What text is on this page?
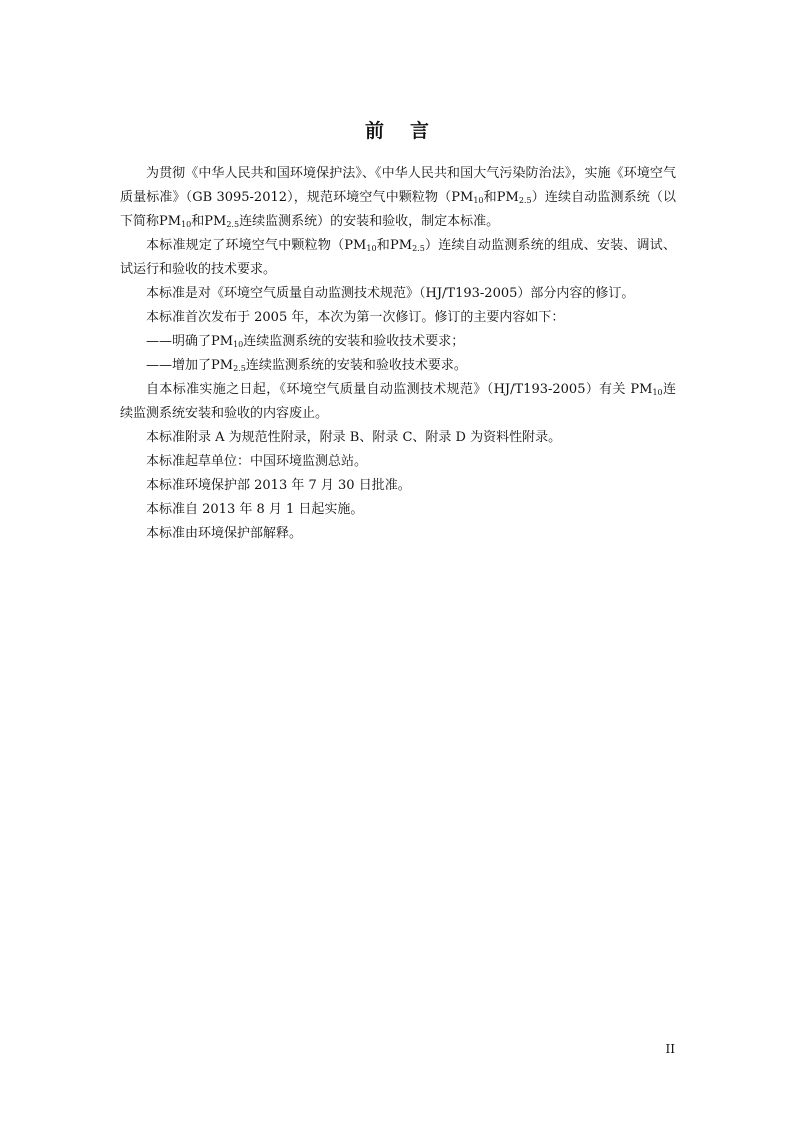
前 言

为贯彻《中华人民共和国环境保护法》、《中华人民共和国大气污染防治法》，实施《环境空气质量标准》（GB 3095-2012），规范环境空气中颗粒物（$PM_{10}$和$PM_{2.5}$）连续自动监测系统（以下简称$PM_{10}$和$PM_{2.5}$连续监测系统）的安装和验收，制定本标准。

本标准规定了环境空气中颗粒物（$PM_{10}$和$PM_{2.5}$）连续自动监测系统的组成、安装、调试、试运行和验收的技术要求。

本标准是对《环境空气质量自动监测技术规范》（HJ/T193-2005）部分内容的修订。

本标准首次发布于 2005 年，本次为第一次修订。修订的主要内容如下：

——明确了$PM_{10}$连续监测系统的安装和验收技术要求；

——增加了$PM_{2.5}$连续监测系统的安装和验收技术要求。

自本标准实施之日起，《环境空气质量自动监测技术规范》（HJ/T193-2005）有关 $PM_{10}$连续监测系统安装和验收的内容废止。

本标准附录 A 为规范性附录，附录 B、附录 C、附录 D 为资料性附录。

本标准起草单位：中国环境监测总站。

本标准环境保护部 2013 年 7 月 30 日批准。

本标准自 2013 年 8 月 1 日起实施。

本标准由环境保护部解释。

II
